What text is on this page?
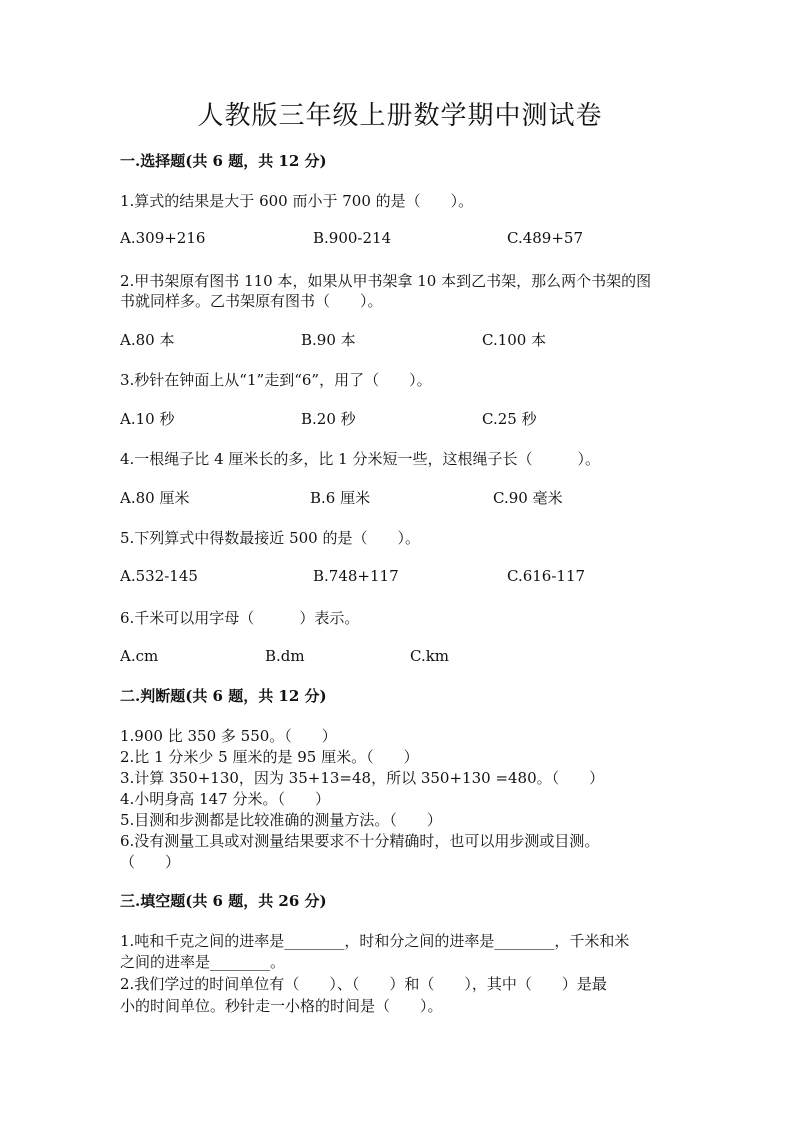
人教版三年级上册数学期中测试卷
一.选择题(共 6 题，共 12 分)
1.算式的结果是大于 600 而小于 700 的是（　　）。
A.309+216	B.900-214	C.489+57
2.甲书架原有图书 110 本，如果从甲书架拿 10 本到乙书架，那么两个书架的图
书就同样多。乙书架原有图书（　　）。
A.80 本	B.90 本	C.100 本
3.秒针在钟面上从“1”走到“6”，用了（　　）。
A.10 秒	B.20 秒	C.25 秒
4.一根绳子比 4 厘米长的多，比 1 分米短一些，这根绳子长（　　　）。
A.80 厘米	B.6 厘米	C.90 毫米
5.下列算式中得数最接近 500 的是（　　）。
A.532-145	B.748+117	C.616-117
6.千米可以用字母（　　　）表示。
A.cm	B.dm	C.km
二.判断题(共 6 题，共 12 分)
1.900 比 350 多 550。（　　）
2.比 1 分米少 5 厘米的是 95 厘米。（　　）
3.计算 350+130，因为 35+13=48，所以 350+130 =480。（　　）
4.小明身高 147 分米。（　　）
5.目测和步测都是比较准确的测量方法。（　　）
6.没有测量工具或对测量结果要求不十分精确时，也可以用步测或目测。
（　　）
三.填空题(共 6 题，共 26 分)
1.吨和千克之间的进率是________，时和分之间的进率是________，千米和米
之间的进率是________。
2.我们学过的时间单位有（　　）、（　　）和（　　），其中（　　）是最
小的时间单位。秒针走一小格的时间是（　　）。
